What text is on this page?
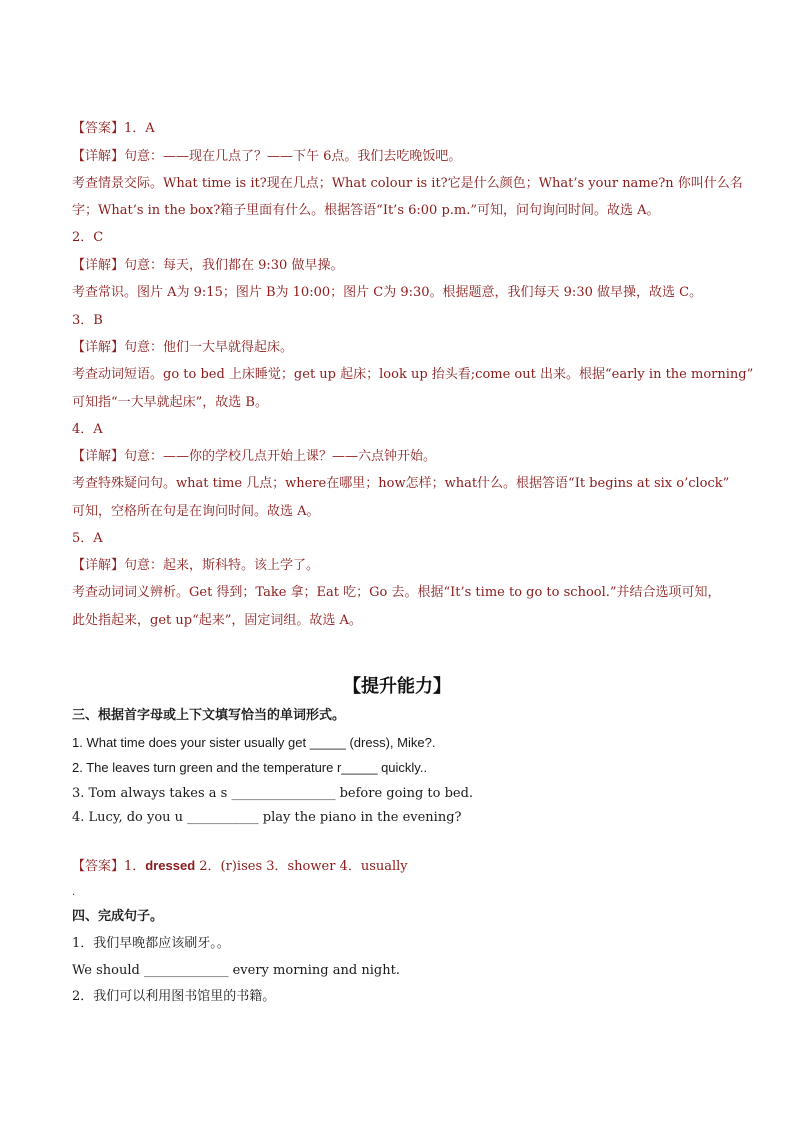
【答案】1．A
【详解】句意：——现在几点了？——下午 6点。我们去吃晚饭吧。
考查情景交际。What time is it?现在几点；What colour is it?它是什么颜色；What’s your name?n 你叫什么名
字；What’s in the box?箱子里面有什么。根据答语“It’s 6:00 p.m.”可知，问句询问时间。故选 A。
2．C
【详解】句意：每天，我们都在 9:30 做早操。
考查常识。图片 A为 9:15；图片 B为 10:00；图片 C为 9:30。根据题意，我们每天 9:30 做早操，故选 C。
3．B
【详解】句意：他们一大早就得起床。
考查动词短语。go to bed 上床睡觉；get up 起床；look up 抬头看;come out 出来。根据“early in the morning”
可知指“一大早就起床”，故选 B。
4．A
【详解】句意：——你的学校几点开始上课？——六点钟开始。
考查特殊疑问句。what time 几点；where在哪里；how怎样；what什么。根据答语“It begins at six o’clock”
可知，空格所在句是在询问时间。故选 A。
5．A
【详解】句意：起来，斯科特。该上学了。
考查动词词义辨析。Get 得到；Take 拿；Eat 吃；Go 去。根据“It’s time to go to school.”并结合选项可知，
此处指起来，get up“起来”，固定词组。故选 A。
【提升能力】
三、根据首字母或上下文填写恰当的单词形式。
1. What time does your sister usually get _____ (dress), Mike?.
2. The leaves turn green and the temperature r_____ quickly..
3. Tom always takes a s ________________ before going to bed.
4. Lucy, do you u ___________ play the piano in the evening?
【答案】1．dressed 2．(r)ises 3．shower 4．usually
.
四、完成句子。
1．我们早晚都应该刷牙。。
We should _____________ every morning and night.
2．我们可以利用图书馆里的书籍。
